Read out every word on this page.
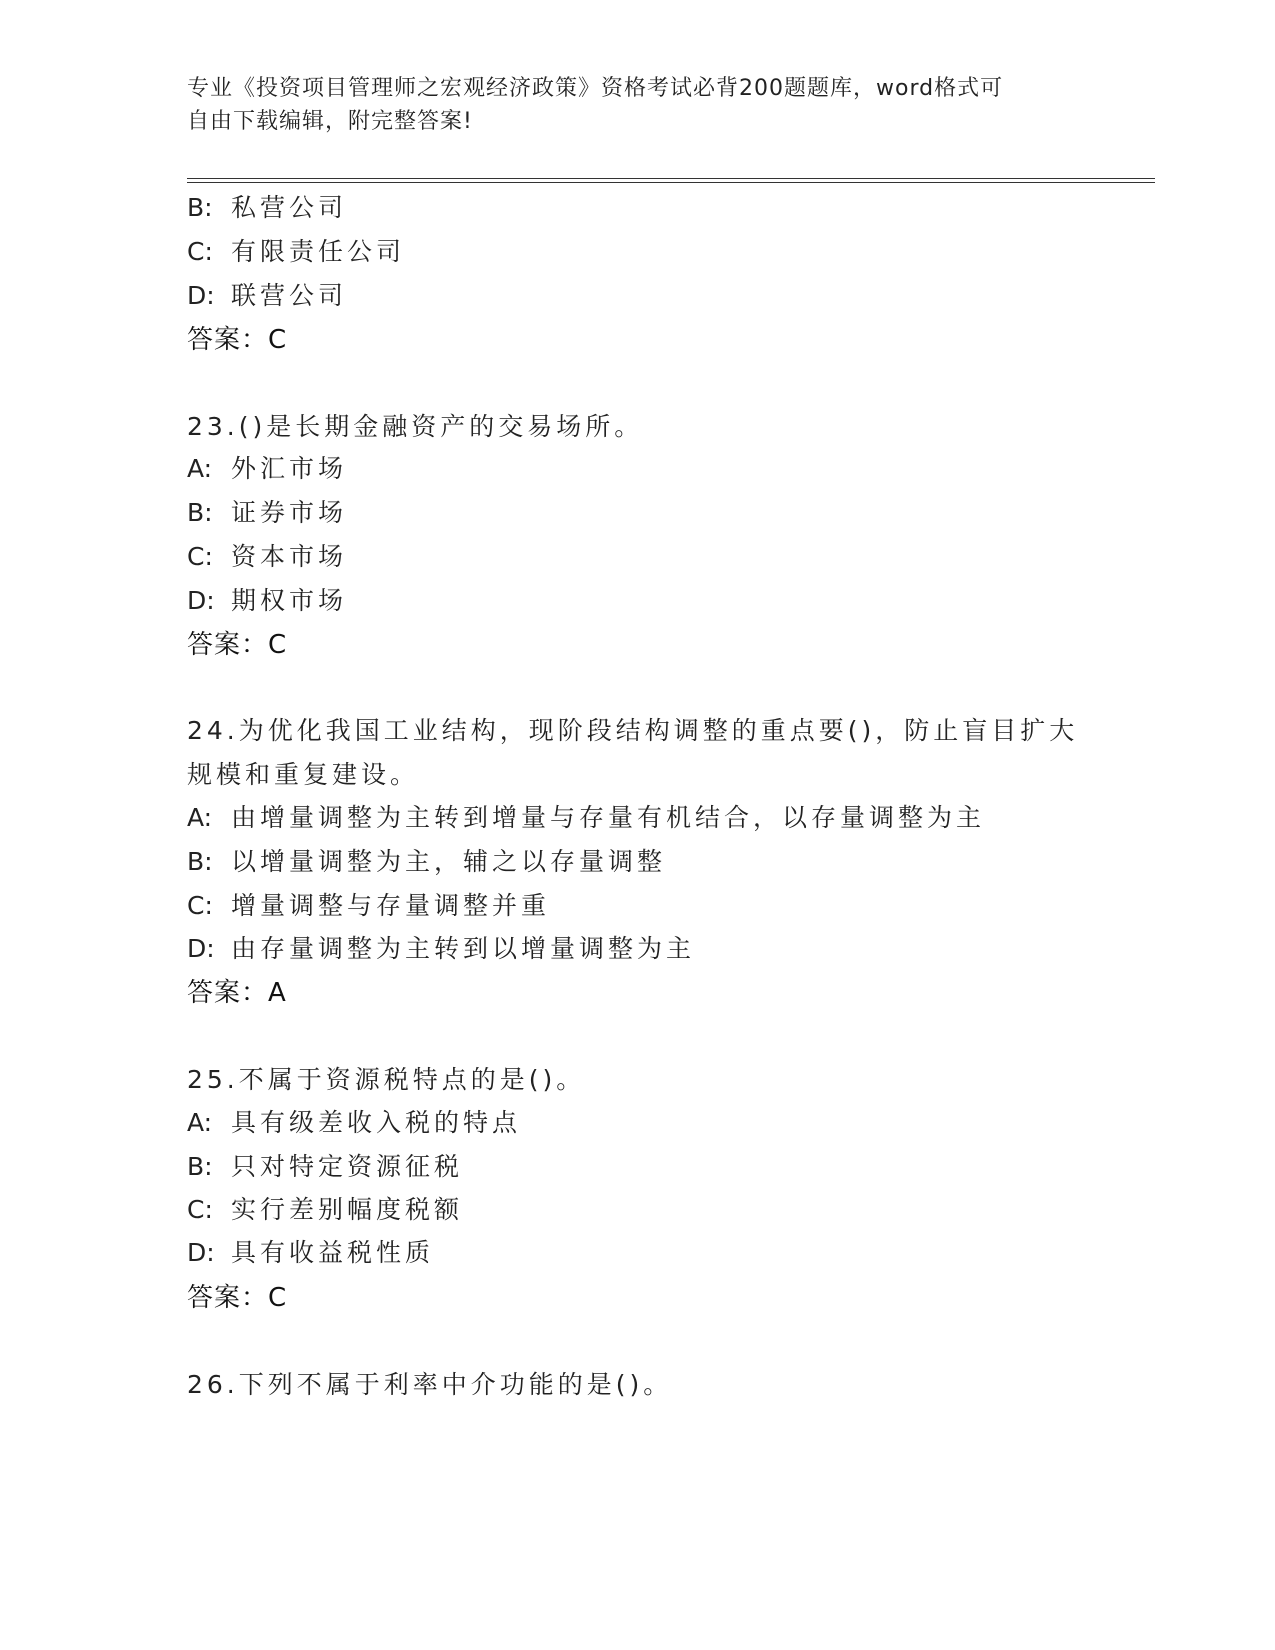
专业《投资项目管理师之宏观经济政策》资格考试必背200题题库，word格式可
自由下载编辑，附完整答案!
B: 私营公司
C: 有限责任公司
D: 联营公司
答案：C
23.()是长期金融资产的交易场所。
A: 外汇市场
B: 证券市场
C: 资本市场
D: 期权市场
答案：C
24.为优化我国工业结构，现阶段结构调整的重点要()，防止盲目扩大
规模和重复建设。
A: 由增量调整为主转到增量与存量有机结合，以存量调整为主
B: 以增量调整为主，辅之以存量调整
C: 增量调整与存量调整并重
D: 由存量调整为主转到以增量调整为主
答案：A
25.不属于资源税特点的是()。
A: 具有级差收入税的特点
B: 只对特定资源征税
C: 实行差别幅度税额
D: 具有收益税性质
答案：C
26.下列不属于利率中介功能的是()。
